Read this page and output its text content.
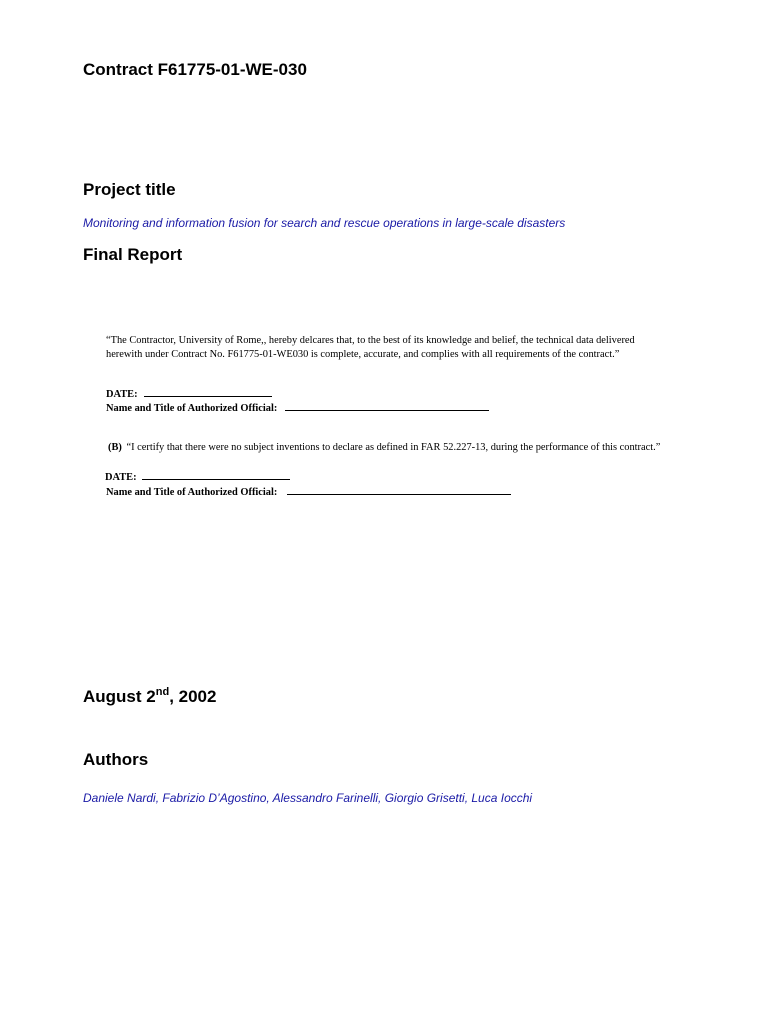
Contract F61775-01-WE-030
Project title

Monitoring and information fusion for search and rescue operations in large-scale disasters

Final Report

“The Contractor, University of Rome,, hereby delcares that, to the best of its knowledge and belief, the technical data delivered herewith under Contract No. F61775-01-WE030 is complete, accurate, and complies with all requirements of the contract.”

DATE:
Name and Title of Authorized Official:

(B) “I certify that there were no subject inventions to declare as defined in FAR 52.227-13, during the performance of this contract.”

DATE:
Name and Title of Authorized Official:
August 2nd, 2002
Authors

Daniele Nardi, Fabrizio D’Agostino, Alessandro Farinelli, Giorgio Grisetti, Luca Iocchi
